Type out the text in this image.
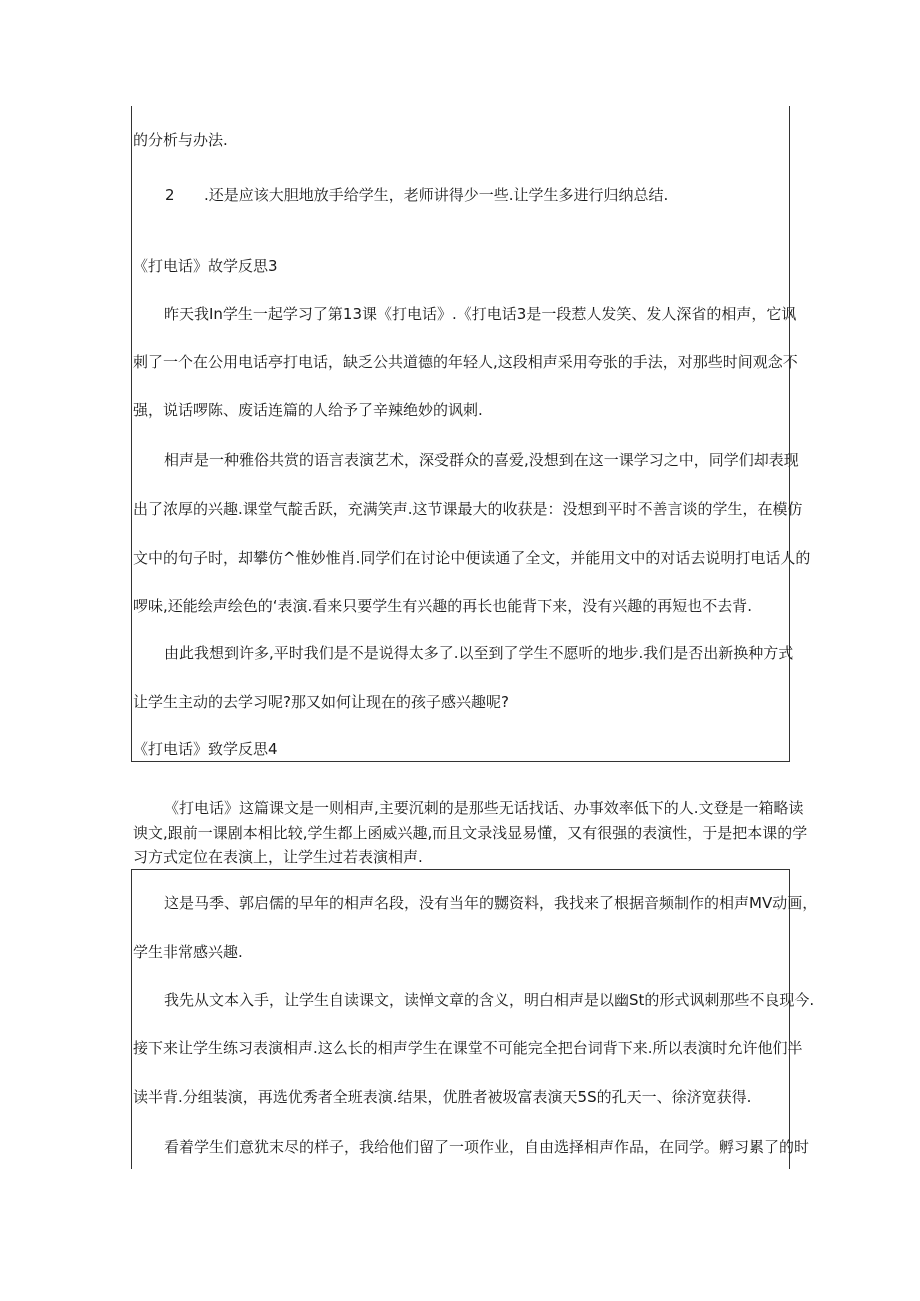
的分析与办法.
2 .还是应该大胆地放手给学生，老师讲得少一些.让学生多进行归纳总结.
《打电话》故学反思3
昨天我In学生一起学习了第13课《打电话》.《打电话3是一段惹人发笑、发人深省的相声，它讽
刺了一个在公用电话亭打电话，缺乏公共道德的年轻人,这段相声采用夸张的手法，对那些时间观念不
强，说话啰陈、废话连篇的人给予了辛辣绝妙的讽刺.
相声是一种雅俗共赏的语言表演艺术，深受群众的喜爱,没想到在这一课学习之中，同学们却表现
出了浓厚的兴趣.课堂气靛舌跃，充满笑声.这节课最大的收获是：没想到平时不善言谈的学生，在模仿
文中的句子时，却攀仿^惟妙惟肖.同学们在讨论中便读通了全文，并能用文中的对话去说明打电话人的
啰味,还能绘声绘色的‘表演.看来只要学生有兴趣的再长也能背下来，没有兴趣的再短也不去背.
由此我想到许多,平时我们是不是说得太多了.以至到了学生不愿听的地步.我们是否出新换种方式
让学生主动的去学习呢?那又如何让现在的孩子感兴趣呢?
《打电话》致学反思4
《打电话》这篇课文是一则相声,主要沉刺的是那些无话找话、办事效率低下的人.文登是一箱略读
谀文,跟前一课剧本相比较,学生都上函威兴趣,而且文录浅显易懂，又有很强的表演性，于是把本课的学
习方式定位在表演上，让学生过若表演相声.
这是马季、郭启儒的早年的相声名段，没有当年的嬲资料，我找来了根据音频制作的相声MV动画，
学生非常感兴趣.
我先从文本入手，让学生自读课文，读惮文章的含义，明白相声是以幽St的形式讽刺那些不良现今.
接下来让学生练习表演相声.这么长的相声学生在课堂不可能完全把台词背下来.所以表演时允许他们半
读半背.分组装演，再选优秀者全班表演.结果，优胜者被圾富表演天5S的孔天一、徐济宽获得.
看着学生们意犹末尽的样子，我给他们留了一项作业，自由选择相声作品，在同学。孵习累了的时
